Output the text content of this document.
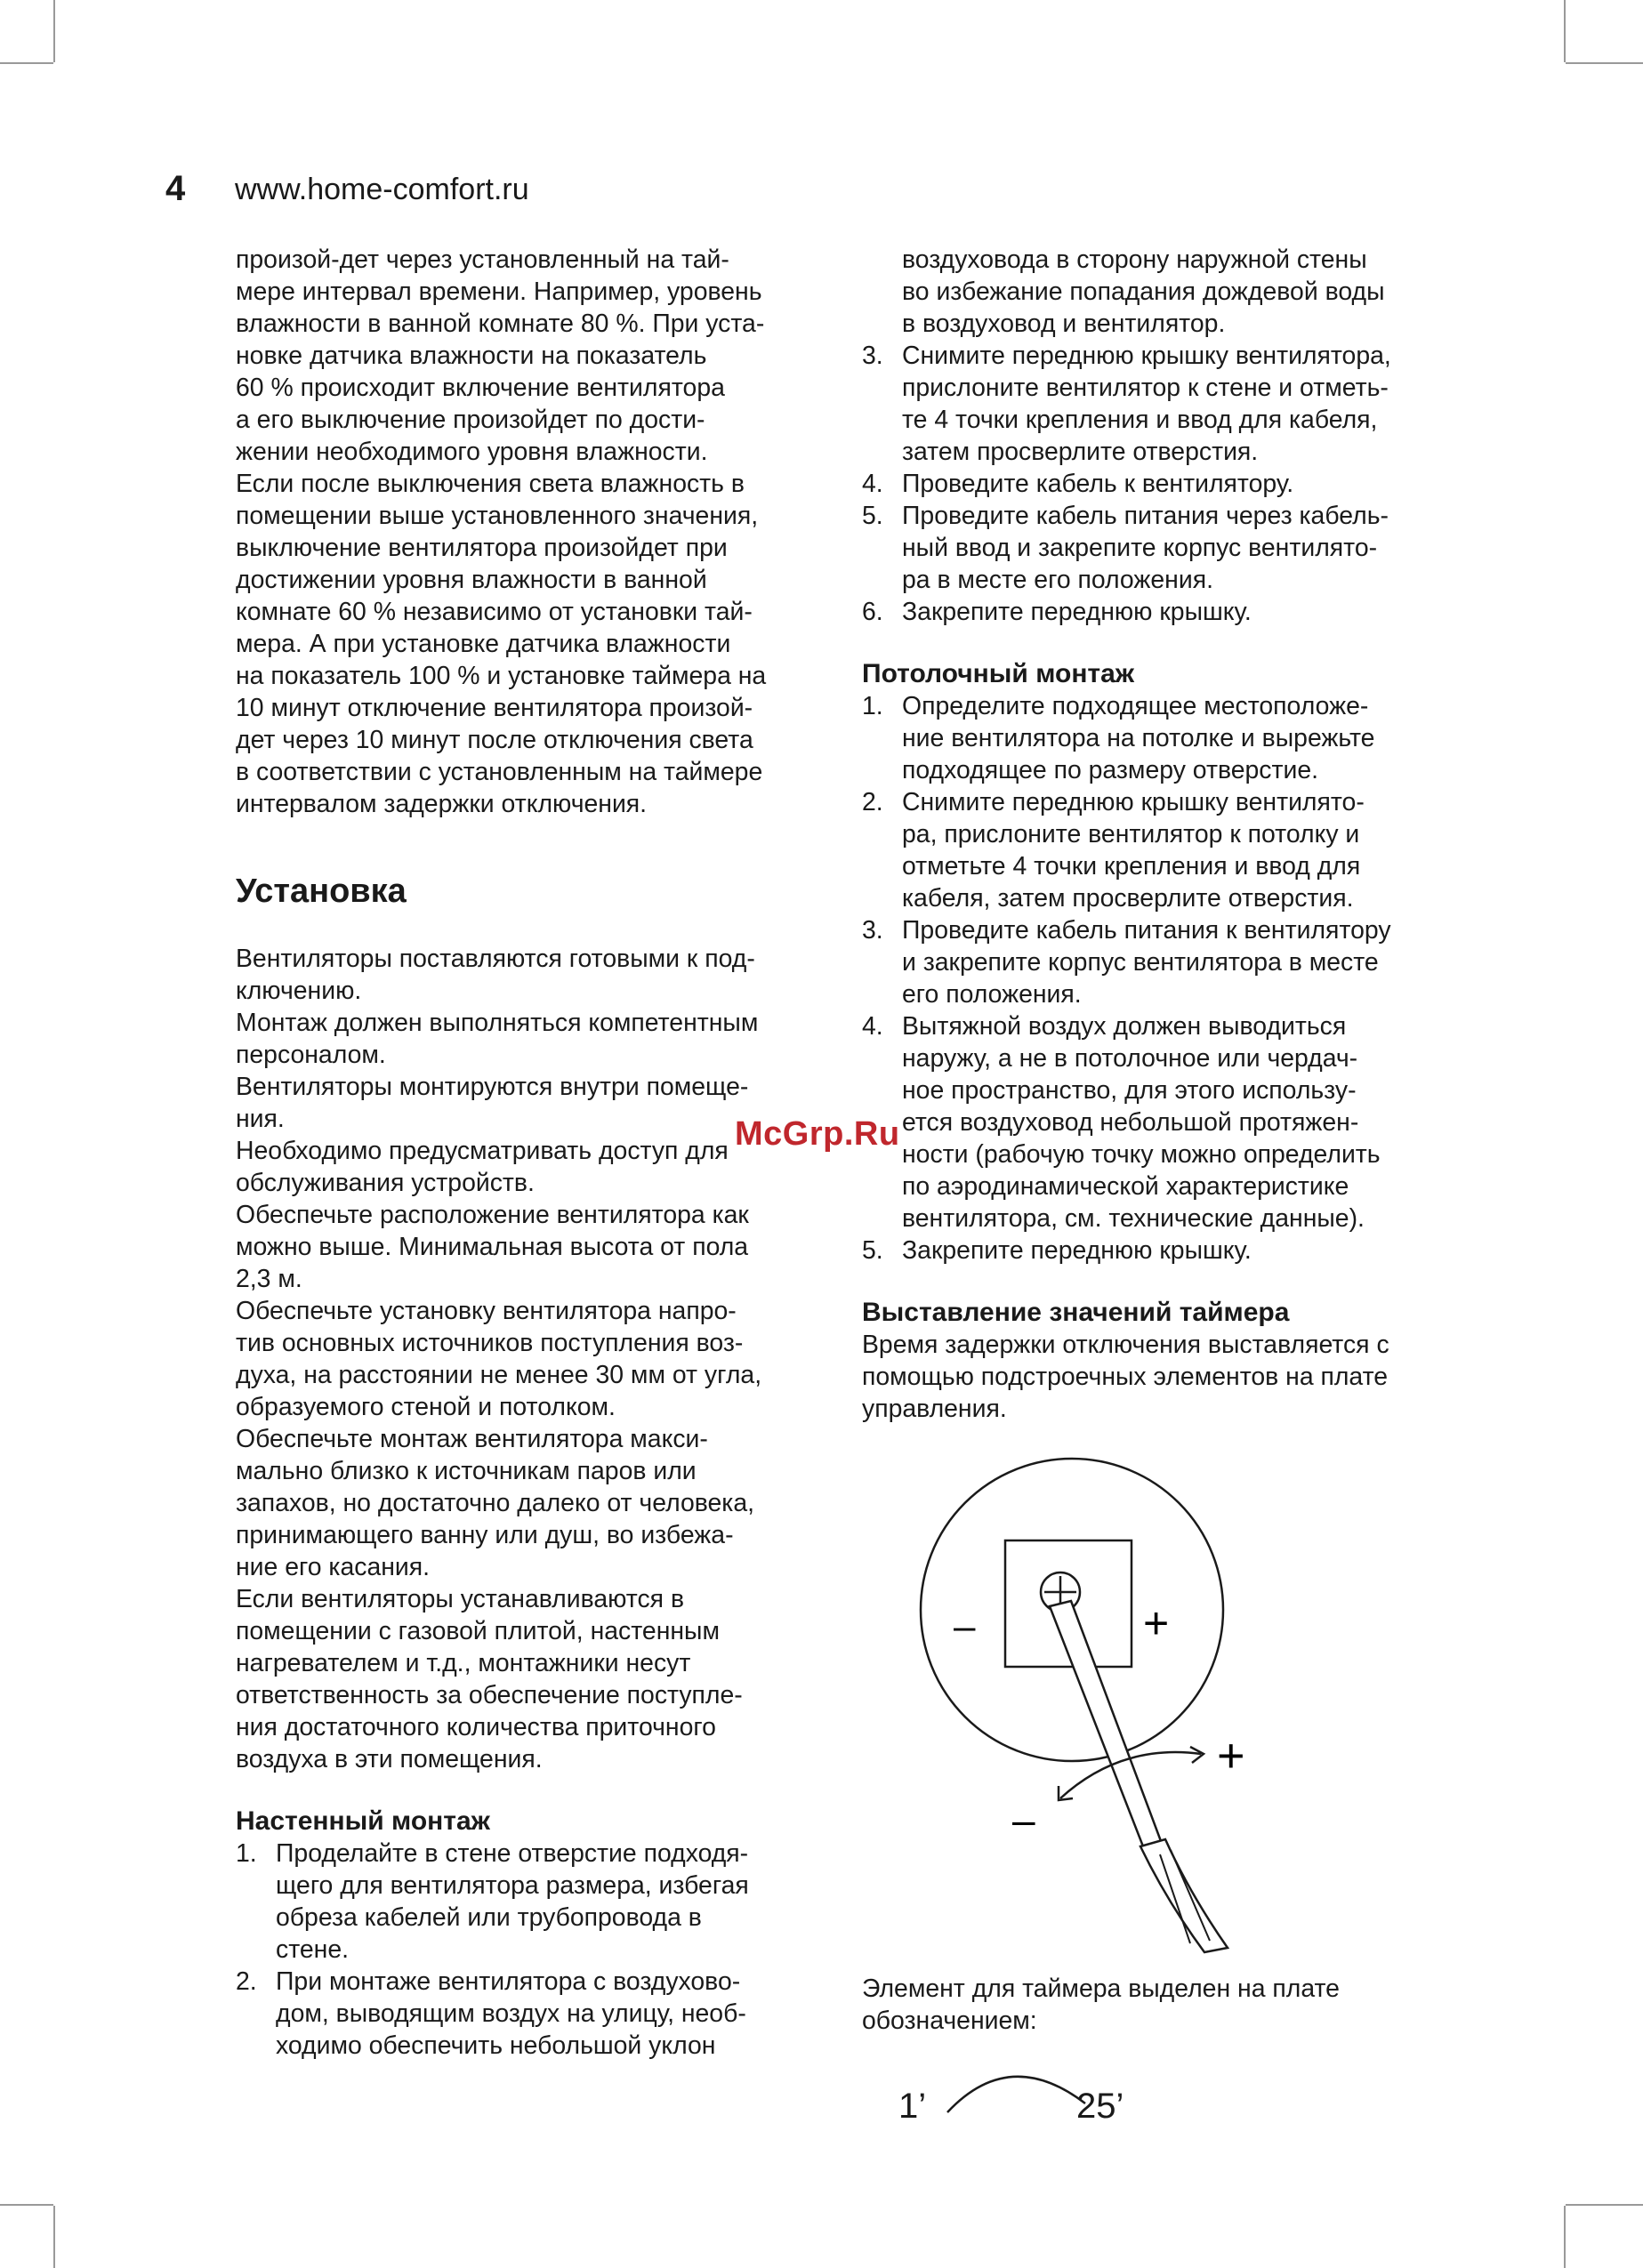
4 www.home-comfort.ru

произой-дет через установленный на тай-

мере интервал времени. Например, уровень

влажности в ванной комнате 80 %. При уста-

новке датчика влажности на показатель

60 % происходит включение вентилятора

а его выключение произойдет по дости-

жении необходимого уровня влажности.

Если после выключения света влажность в

помещении выше установленного значения,

выключение вентилятора произойдет при

достижении уровня влажности в ванной

комнате 60 % независимо от установки тай-

мера. А при установке датчика влажности

на показатель 100 % и установке таймера на

10 минут отключение вентилятора произой-

дет через 10 минут после отключения света

в соответствии с установленным на таймере

интервалом задержки отключения.

Установка

Вентиляторы поставляются готовыми к под-

ключению.

Монтаж должен выполняться компетентным

персоналом.

Вентиляторы монтируются внутри помеще-

ния.

Необходимо предусматривать доступ для

обслуживания устройств.

Обеспечьте расположение вентилятора как

можно выше. Минимальная высота от пола

2,3 м.

Обеспечьте установку вентилятора напро-

тив основных источников поступления воз-

духа, на расстоянии не менее 30 мм от угла,

образуемого стеной и потолком.

Обеспечьте монтаж вентилятора макси-

мально близко к источникам паров или

запахов, но достаточно далеко от человека,

принимающего ванну или душ, во избежа-

ние его касания.

Если вентиляторы устанавливаются в

помещении с газовой плитой, настенным

нагревателем и т.д., монтажники несут

ответственность за обеспечение поступле-

ния достаточного количества приточного

воздуха в эти помещения.

Настенный монтаж
1. Проделайте в стене отверстие подходя-
щего для вентилятора размера, избегая
обреза кабелей или трубопровода в
стене.
2. При монтаже вентилятора с воздухово-
дом, выводящим воздух на улицу, необ-
ходимо обеспечить небольшой уклон
воздуховода в сторону наружной стены
во избежание попадания дождевой воды
в воздуховод и вентилятор.
3. Снимите переднюю крышку вентилятора,
прислоните вентилятор к стене и отметь-
те 4 точки крепления и ввод для кабеля,
затем просверлите отверстия.
4. Проведите кабель к вентилятору.
5. Проведите кабель питания через кабель-
ный ввод и закрепите корпус вентилято-
ра в месте его положения.
6. Закрепите переднюю крышку.
Потолочный монтаж
1. Определите подходящее местоположе-
ние вентилятора на потолке и вырежьте
подходящее по размеру отверстие.
2. Снимите переднюю крышку вентилято-
ра, прислоните вентилятор к потолку и
отметьте 4 точки крепления и ввод для
кабеля, затем просверлите отверстия.
3. Проведите кабель питания к вентилятору
и закрепите корпус вентилятора в месте
его положения.
4. Вытяжной воздух должен выводиться
наружу, а не в потолочное или чердач-
ное пространство, для этого использу-
ется воздуховод небольшой протяжен-
ности (рабочую точку можно определить
по аэродинамической характеристике
вентилятора, см. технические данные).
5. Закрепите переднюю крышку.
Выставление значений таймера
Время задержки отключения выставляется с
помощью подстроечных элементов на плате
управления.
–	+
+
–
Элемент для таймера выделен на плате
обозначением:
1’	25’
McGrp.Ru
